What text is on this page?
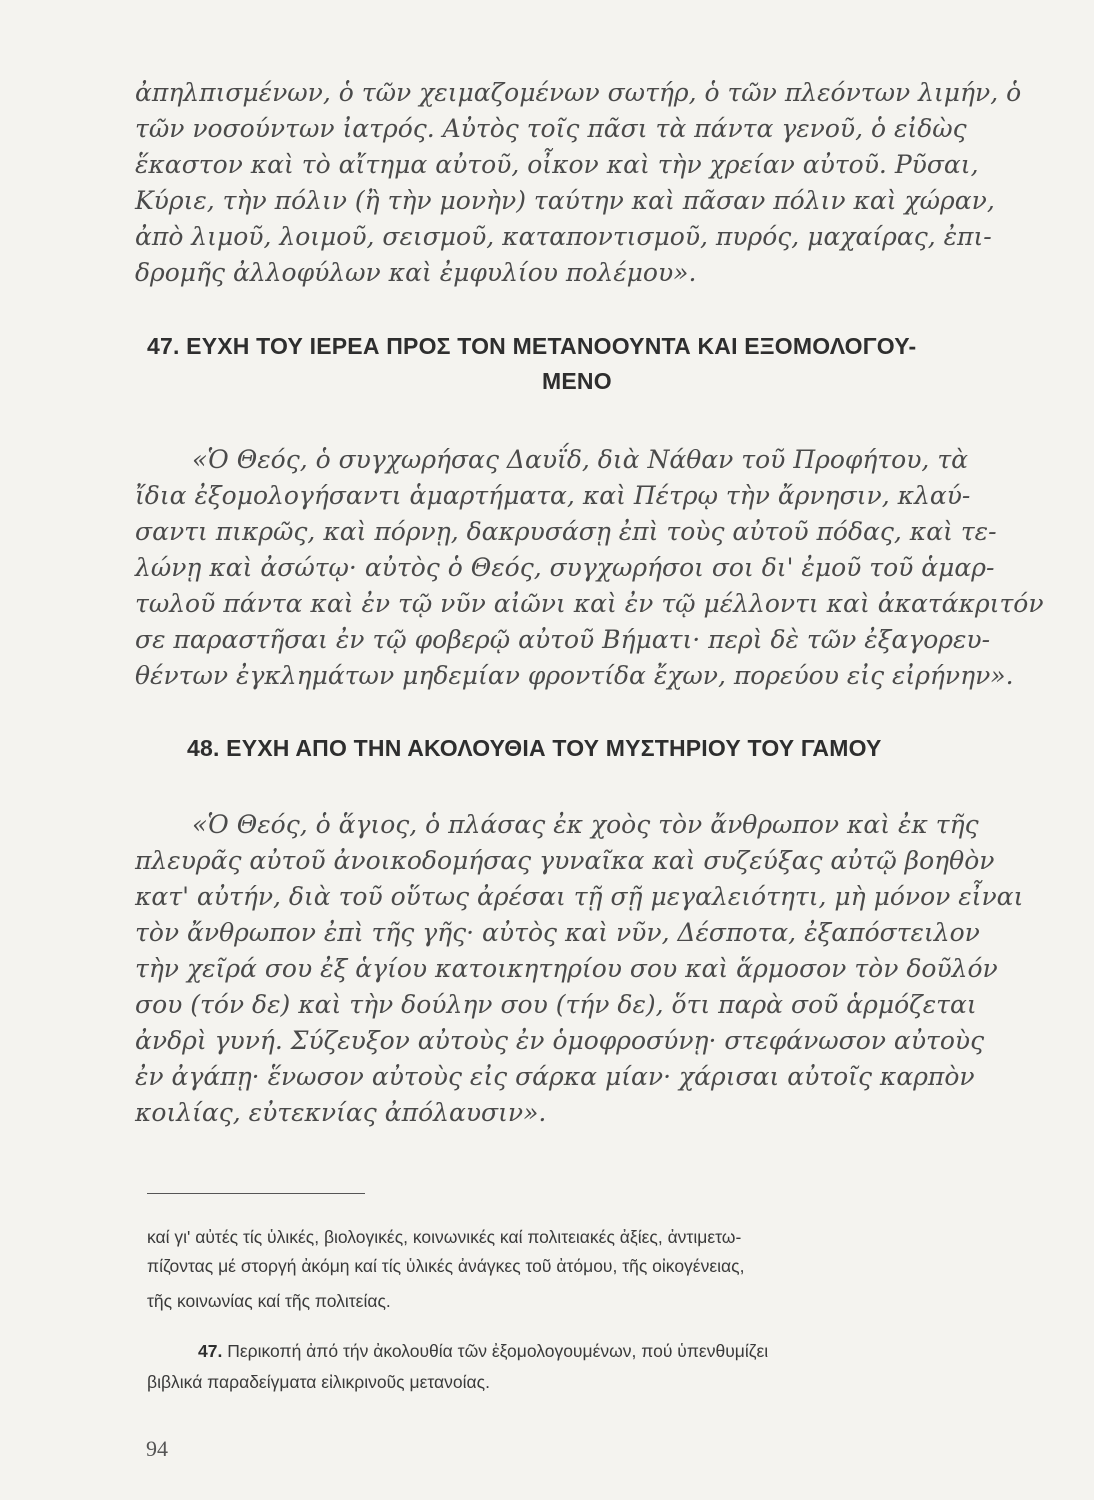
ἀπηλπισμένων, ὁ τῶν χειμαζομένων σωτήρ, ὁ τῶν πλεόντων λιμήν, ὁ
τῶν νοσούντων ἰατρός. Αὐτὸς τοῖς πᾶσι τὰ πάντα γενοῦ, ὁ εἰδὼς
ἕκαστον καὶ τὸ αἴτημα αὐτοῦ, οἶκον καὶ τὴν χρείαν αὐτοῦ. Ρῦσαι,
Κύριε, τὴν πόλιν (ἢ τὴν μονὴν) ταύτην καὶ πᾶσαν πόλιν καὶ χώραν,
ἀπὸ λιμοῦ, λοιμοῦ, σεισμοῦ, καταποντισμοῦ, πυρός, μαχαίρας, ἐπι-
δρομῆς ἀλλοφύλων καὶ ἐμφυλίου πολέμου».
47. ΕΥΧΗ ΤΟΥ ΙΕΡΕΑ ΠΡΟΣ ΤΟΝ ΜΕΤΑΝΟΟΥΝΤΑ ΚΑΙ ΕΞΟΜΟΛΟΓΟΥ-
ΜΕΝΟ
«Ὁ Θεός, ὁ συγχωρήσας Δαυΐδ, διὰ Νάθαν τοῦ Προφήτου, τὰ
ἴδια ἐξομολογήσαντι ἁμαρτήματα, καὶ Πέτρῳ τὴν ἄρνησιν, κλαύ-
σαντι πικρῶς, καὶ πόρνῃ, δακρυσάσῃ ἐπὶ τοὺς αὐτοῦ πόδας, καὶ τε-
λώνῃ καὶ ἀσώτῳ· αὐτὸς ὁ Θεός, συγχωρήσοι σοι δι' ἐμοῦ τοῦ ἁμαρ-
τωλοῦ πάντα καὶ ἐν τῷ νῦν αἰῶνι καὶ ἐν τῷ μέλλοντι καὶ ἀκατάκριτόν
σε παραστῆσαι ἐν τῷ φοβερῷ αὐτοῦ Βήματι· περὶ δὲ τῶν ἐξαγορευ-
θέντων ἐγκλημάτων μηδεμίαν φροντίδα ἔχων, πορεύου εἰς εἰρήνην».
48. ΕΥΧΗ ΑΠΟ ΤΗΝ ΑΚΟΛΟΥΘΙΑ ΤΟΥ ΜΥΣΤΗΡΙΟΥ ΤΟΥ ΓΑΜΟΥ
«Ὁ Θεός, ὁ ἅγιος, ὁ πλάσας ἐκ χοὸς τὸν ἄνθρωπον καὶ ἐκ τῆς
πλευρᾶς αὐτοῦ ἀνοικοδομήσας γυναῖκα καὶ συζεύξας αὐτῷ βοηθὸν
κατ' αὐτήν, διὰ τοῦ οὕτως ἀρέσαι τῇ σῇ μεγαλειότητι, μὴ μόνον εἶναι
τὸν ἄνθρωπον ἐπὶ τῆς γῆς· αὐτὸς καὶ νῦν, Δέσποτα, ἐξαπόστειλον
τὴν χεῖρά σου ἐξ ἁγίου κατοικητηρίου σου καὶ ἅρμοσον τὸν δοῦλόν
σου (τόν δε) καὶ τὴν δούλην σου (τήν δε), ὅτι παρὰ σοῦ ἁρμόζεται
ἀνδρὶ γυνή. Σύζευξον αὐτοὺς ἐν ὁμοφροσύνῃ· στεφάνωσον αὐτοὺς
ἐν ἀγάπῃ· ἕνωσον αὐτοὺς εἰς σάρκα μίαν· χάρισαι αὐτοῖς καρπὸν
κοιλίας, εὐτεκνίας ἀπόλαυσιν».
καί γι' αὐτές τίς ὑλικές, βιολογικές, κοινωνικές καί πολιτειακές ἀξίες, ἀντιμετω-
πίζοντας μέ στοργή ἀκόμη καί τίς ὑλικές ἀνάγκες τοῦ ἀτόμου, τῆς οἰκογένειας,
τῆς κοινωνίας καί τῆς πολιτείας.
47. Περικοπή ἀπό τήν ἀκολουθία τῶν ἐξομολογουμένων, πού ὑπενθυμίζει
βιβλικά παραδείγματα εἰλικρινοῦς μετανοίας.
94
